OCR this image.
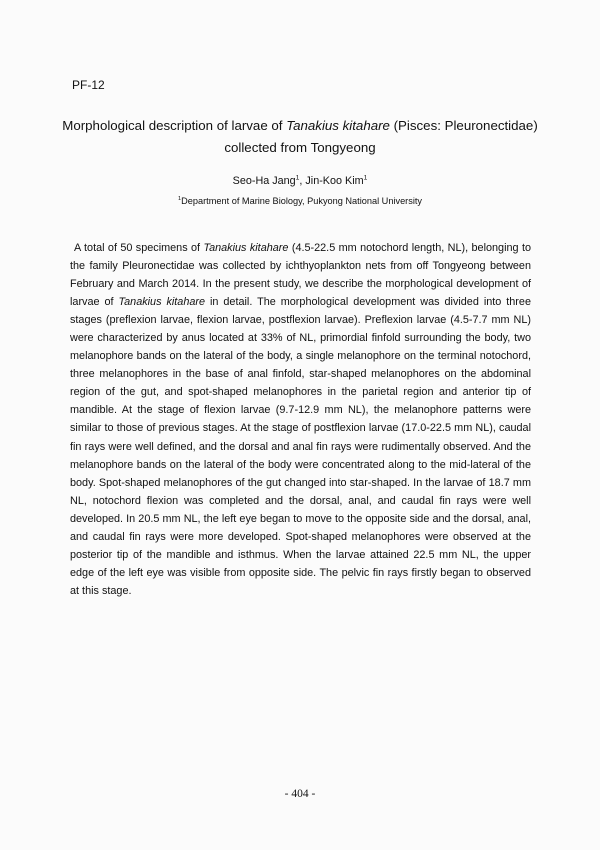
PF-12
Morphological description of larvae of Tanakius kitahare (Pisces: Pleuronectidae)
collected from Tongyeong
Seo-Ha Jang$^1$, Jin-Koo Kim$^1$
$^1$Department of Marine Biology, Pukyong National University
A total of 50 specimens of Tanakius kitahare (4.5-22.5 mm notochord length, NL), belonging to the family Pleuronectidae was collected by ichthyoplankton nets from off Tongyeong between February and March 2014. In the present study, we describe the morphological development of larvae of Tanakius kitahare in detail. The morphological development was divided into three stages (preflexion larvae, flexion larvae, postflexion larvae). Preflexion larvae (4.5-7.7 mm NL) were characterized by anus located at 33% of NL, primordial finfold surrounding the body, two melanophore bands on the lateral of the body, a single melanophore on the terminal notochord, three melanophores in the base of anal finfold, star-shaped melanophores on the abdominal region of the gut, and spot-shaped melanophores in the parietal region and anterior tip of mandible. At the stage of flexion larvae (9.7-12.9 mm NL), the melanophore patterns were similar to those of previous stages. At the stage of postflexion larvae (17.0-22.5 mm NL), caudal fin rays were well defined, and the dorsal and anal fin rays were rudimentally observed. And the melanophore bands on the lateral of the body were concentrated along to the mid-lateral of the body. Spot-shaped melanophores of the gut changed into star-shaped. In the larvae of 18.7 mm NL, notochord flexion was completed and the dorsal, anal, and caudal fin rays were well developed. In 20.5 mm NL, the left eye began to move to the opposite side and the dorsal, anal, and caudal fin rays were more developed. Spot-shaped melanophores were observed at the posterior tip of the mandible and isthmus. When the larvae attained 22.5 mm NL, the upper edge of the left eye was visible from opposite side. The pelvic fin rays firstly began to observed at this stage.
- 404 -
